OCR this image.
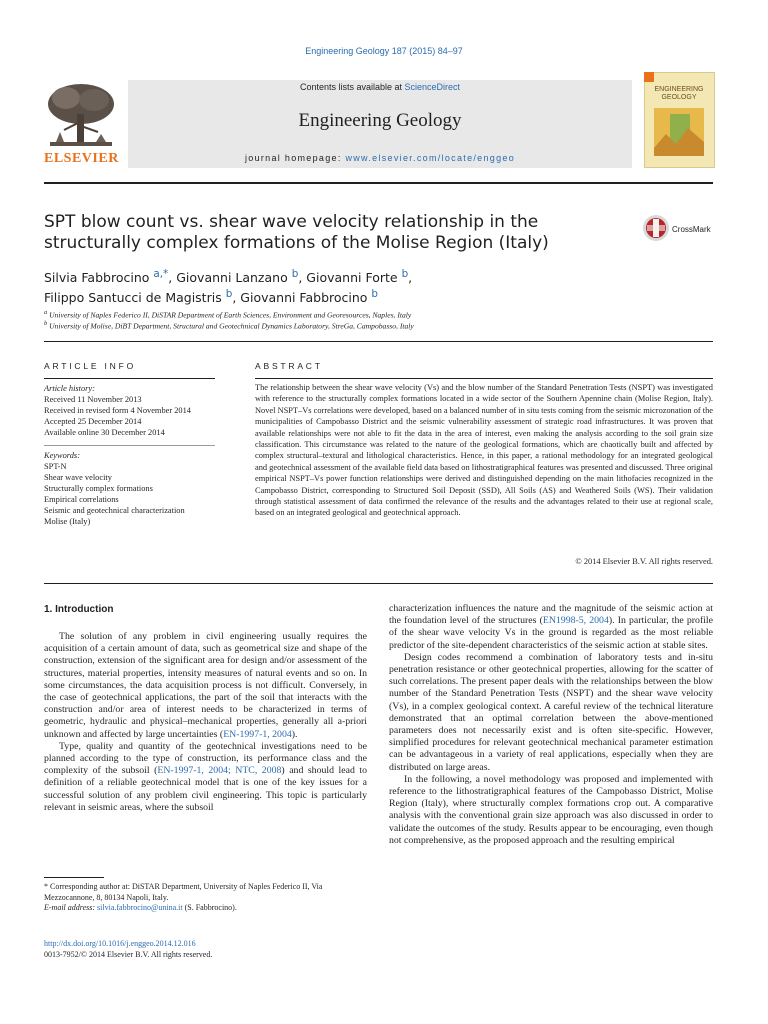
Engineering Geology 187 (2015) 84–97
Contents lists available at ScienceDirect
Engineering Geology
journal homepage: www.elsevier.com/locate/enggeo
ELSEVIER
ENGINEERING GEOLOGY
SPT blow count vs. shear wave velocity relationship in the structurally complex formations of the Molise Region (Italy)
CrossMark
Silvia Fabbrocino $^{a,*}$, Giovanni Lanzano $^b$, Giovanni Forte $^b$,
Filippo Santucci de Magistris $^b$, Giovanni Fabbrocino $^b$
$^a$ University of Naples Federico II, DiSTAR Department of Earth Sciences, Environment and Georesources, Naples, Italy
$^b$ University of Molise, DiBT Department, Structural and Geotechnical Dynamics Laboratory, StreGa, Campobasso, Italy
ARTICLE INFO
Article history:
Received 11 November 2013
Received in revised form 4 November 2014
Accepted 25 December 2014
Available online 30 December 2014
Keywords:
SPT-N
Shear wave velocity
Structurally complex formations
Empirical correlations
Seismic and geotechnical characterization
Molise (Italy)
ABSTRACT
The relationship between the shear wave velocity (Vs) and the blow number of the Standard Penetration Tests (NSPT) was investigated with reference to the structurally complex formations located in a wide sector of the Southern Apennine chain (Molise Region, Italy). Novel NSPT–Vs correlations were developed, based on a balanced number of in situ tests coming from the seismic microzonation of the municipalities of Campobasso District and the seismic vulnerability assessment of strategic road infrastructures. It was proven that available relationships were not able to fit the data in the area of interest, even making the analysis according to the soil grain size classification. This circumstance was related to the nature of the geological formations, which are chaotically built and affected by complex structural–textural and lithological characteristics. Hence, in this paper, a rational methodology for an integrated geological and geotechnical assessment of the available field data based on lithostratigraphical features was presented and discussed. Three original empirical NSPT–Vs power function relationships were derived and distinguished depending on the main lithofacies recognized in the Campobasso District, corresponding to Structured Soil Deposit (SSD), All Soils (AS) and Weathered Soils (WS). Their validation through statistical assessment of data confirmed the relevance of the results and the advantages related to their use at regional scale, based on an integrated geological and geotechnical approach.
© 2014 Elsevier B.V. All rights reserved.
1. Introduction

The solution of any problem in civil engineering usually requires the acquisition of a certain amount of data, such as geometrical size and shape of the construction, extension of the significant area for design and/or assessment of the structures, material properties, intensity measures of natural events and so on. In some circumstances, the data acquisition process is not difficult. Conversely, in the case of geotechnical applications, the part of the soil that interacts with the construction and/or area of interest needs to be characterized in terms of geometric, hydraulic and physical–mechanical properties, generally all a-priori unknown and affected by large uncertainties (EN-1997-1, 2004).

Type, quality and quantity of the geotechnical investigations need to be planned according to the type of construction, its performance class and the complexity of the subsoil (EN-1997-1, 2004; NTC, 2008) and should lead to definition of a reliable geotechnical model that is one of the key issues for a successful solution of any problem civil engineering. This topic is particularly relevant in seismic areas, where the subsoil

* Corresponding author at: DiSTAR Department, University of Naples Federico II, Via Mezzocannone, 8, 80134 Napoli, Italy.
E-mail address: silvia.fabbrocino@unina.it (S. Fabbrocino).
http://dx.doi.org/10.1016/j.enggeo.2014.12.016
0013-7952/© 2014 Elsevier B.V. All rights reserved.

characterization influences the nature and the magnitude of the seismic action at the foundation level of the structures (EN1998-5, 2004). In particular, the profile of the shear wave velocity Vs in the ground is regarded as the most reliable predictor of the site-dependent characteristics of the seismic action at stable sites.

Design codes recommend a combination of laboratory tests and in-situ penetration resistance or other geotechnical properties, allowing for the scatter of such correlations. The present paper deals with the relationships between the blow number of the Standard Penetration Tests (NSPT) and the shear wave velocity (Vs), in a complex geological context. A careful review of the technical literature demonstrated that an optimal correlation between the above-mentioned parameters does not necessarily exist and is often site-specific. However, simplified procedures for relevant geotechnical mechanical parameter estimation can be advantageous in a variety of real applications, especially when they are distributed on large areas.

In the following, a novel methodology was proposed and implemented with reference to the lithostratigraphical features of the Campobasso District, Molise Region (Italy), where structurally complex formations crop out. A comparative analysis with the conventional grain size approach was also discussed in order to validate the outcomes of the study. Results appear to be encouraging, even though not comprehensive, as the proposed approach and the resulting empirical
